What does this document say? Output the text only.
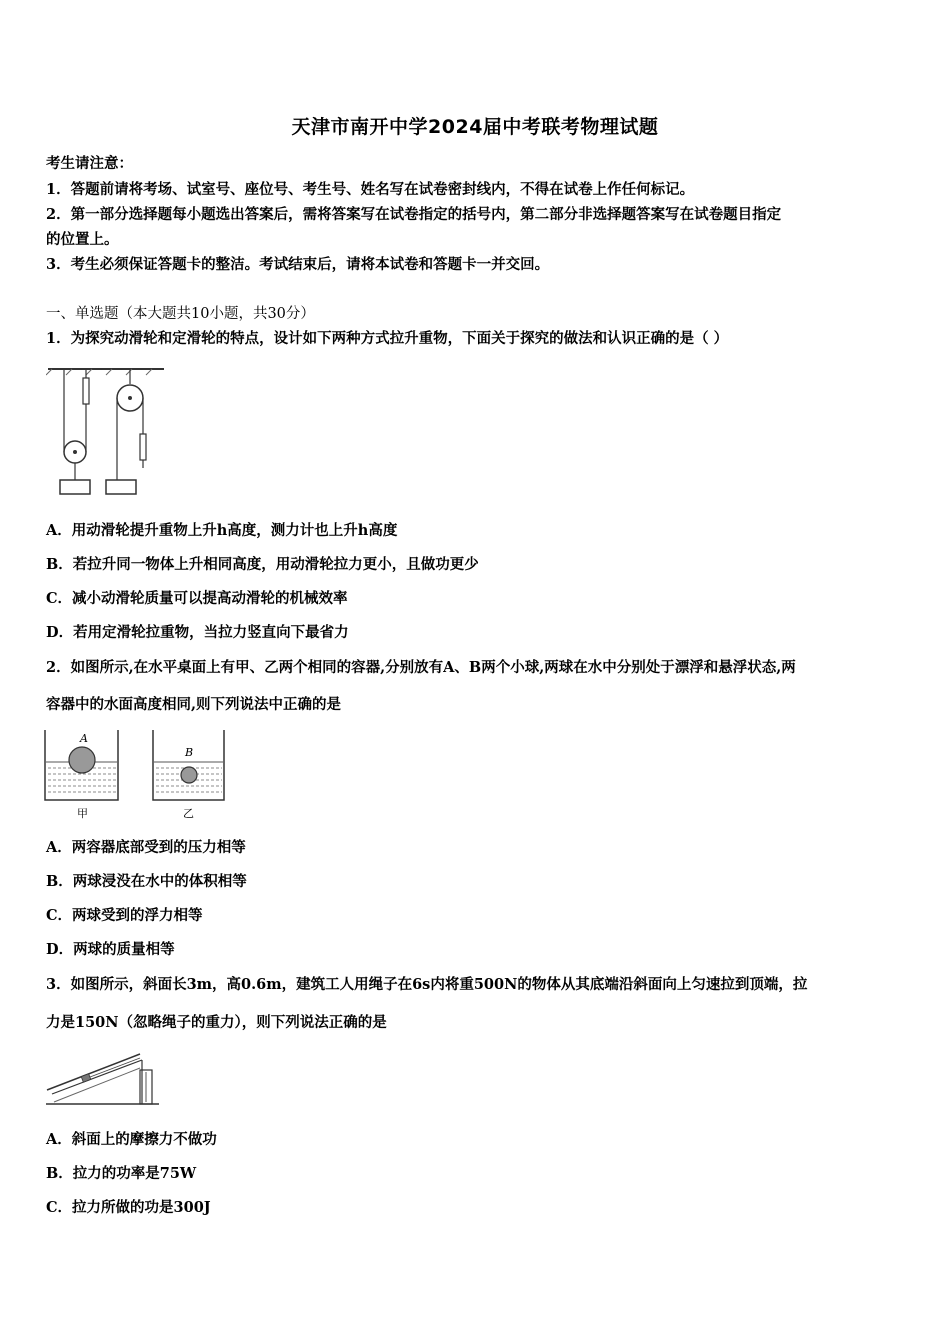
天津市南开中学2024届中考联考物理试题
考生请注意：
1．答题前请将考场、试室号、座位号、考生号、姓名写在试卷密封线内，不得在试卷上作任何标记。
2．第一部分选择题每小题选出答案后，需将答案写在试卷指定的括号内，第二部分非选择题答案写在试卷题目指定
的位置上。
3．考生必须保证答题卡的整洁。考试结束后，请将本试卷和答题卡一并交回。
一、单选题（本大题共10小题，共30分）
1．为探究动滑轮和定滑轮的特点，设计如下两种方式拉升重物，下面关于探究的做法和认识正确的是（ ）
A．用动滑轮提升重物上升h高度，测力计也上升h高度
B．若拉升同一物体上升相同高度，用动滑轮拉力更小，且做功更少
C．减小动滑轮质量可以提高动滑轮的机械效率
D．若用定滑轮拉重物，当拉力竖直向下最省力
2．如图所示,在水平桌面上有甲、乙两个相同的容器,分别放有A、B两个小球,两球在水中分别处于漂浮和悬浮状态,两
容器中的水面高度相同,则下列说法中正确的是
A
B
甲	乙
A．两容器底部受到的压力相等
B．两球浸没在水中的体积相等
C．两球受到的浮力相等
D．两球的质量相等
3．如图所示，斜面长3m，高0.6m，建筑工人用绳子在6s内将重500N的物体从其底端沿斜面向上匀速拉到顶端，拉
力是150N（忽略绳子的重力），则下列说法正确的是
A．斜面上的摩擦力不做功
B．拉力的功率是75W
C．拉力所做的功是300J
